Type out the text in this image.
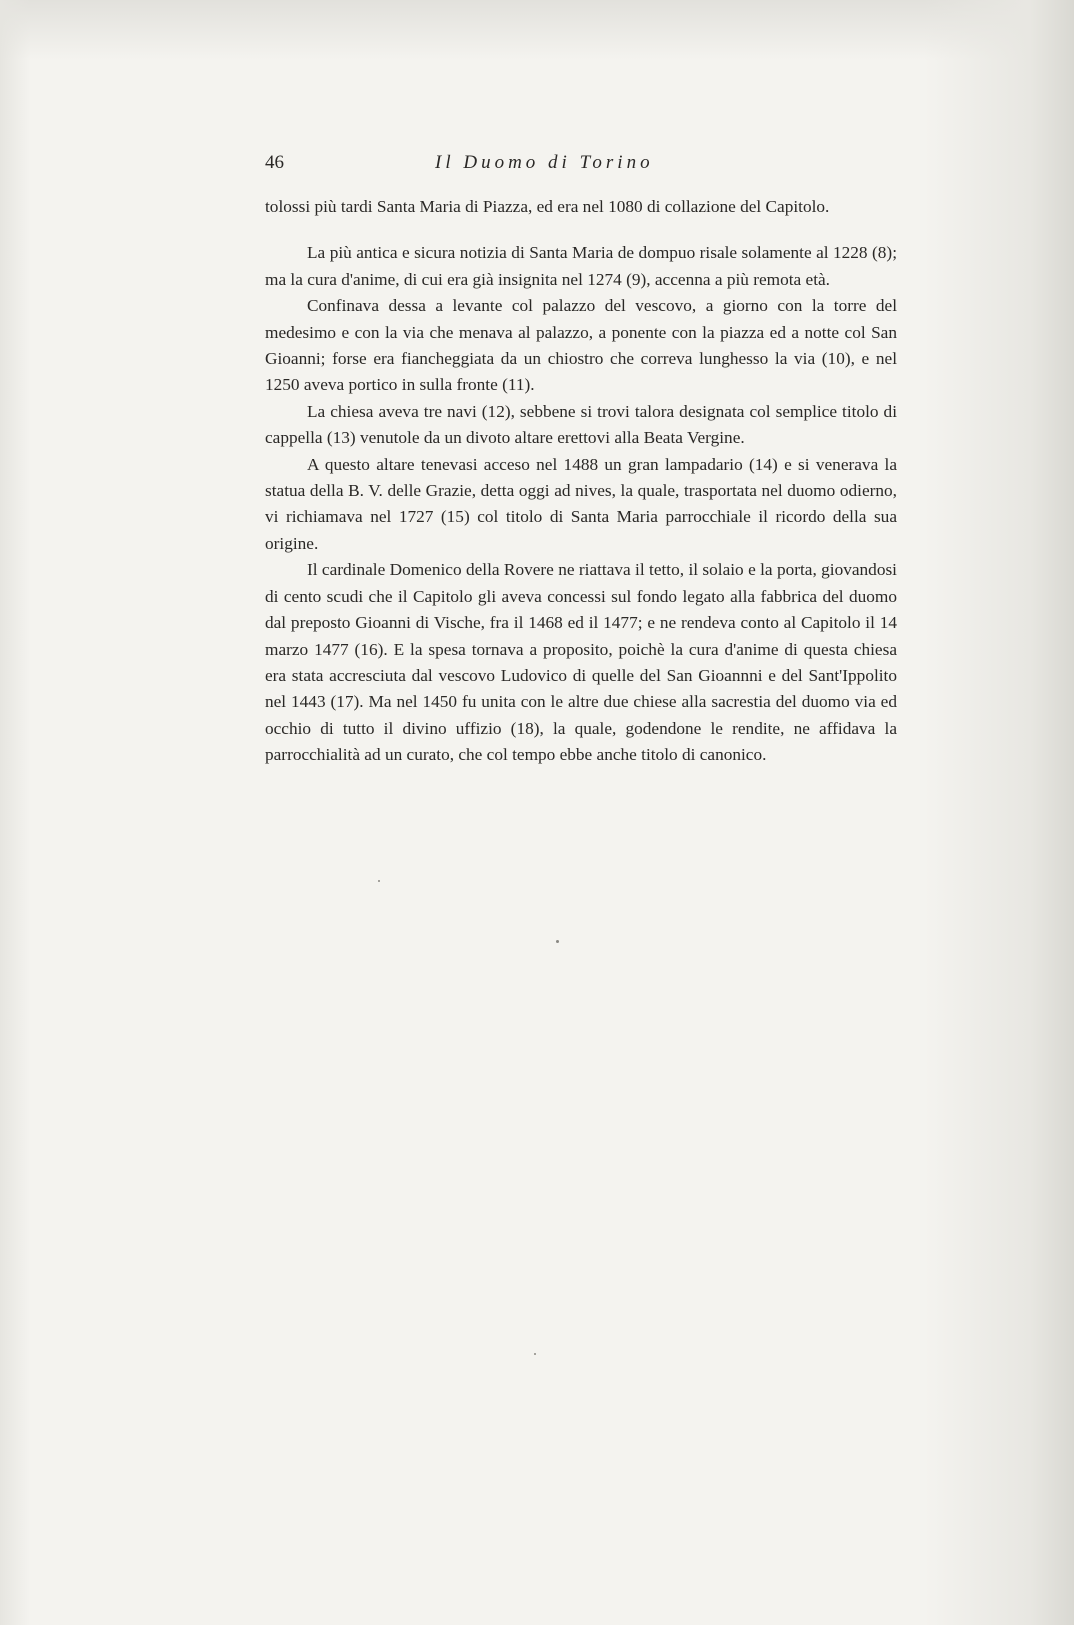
46	Il Duomo di Torino

tolossi più tardi Santa Maria di Piazza, ed era nel 1080 di collazione del Capitolo.

La più antica e sicura notizia di Santa Maria de dompuo risale solamente al 1228 (8); ma la cura d'anime, di cui era già insignita nel 1274 (9), accenna a più remota età.

Confinava dessa a levante col palazzo del vescovo, a giorno con la torre del medesimo e con la via che menava al palazzo, a ponente con la piazza ed a notte col San Gioanni; forse era fiancheggiata da un chiostro che correva lunghesso la via (10), e nel 1250 aveva portico in sulla fronte (11).

La chiesa aveva tre navi (12), sebbene si trovi talora designata col semplice titolo di cappella (13) venutole da un divoto altare erettovi alla Beata Vergine.

A questo altare tenevasi acceso nel 1488 un gran lampadario (14) e si venerava la statua della B. V. delle Grazie, detta oggi ad nives, la quale, trasportata nel duomo odierno, vi richiamava nel 1727 (15) col titolo di Santa Maria parrocchiale il ricordo della sua origine.

Il cardinale Domenico della Rovere ne riattava il tetto, il solaio e la porta, giovandosi di cento scudi che il Capitolo gli aveva concessi sul fondo legato alla fabbrica del duomo dal preposto Gioanni di Vische, fra il 1468 ed il 1477; e ne rendeva conto al Capitolo il 14 marzo 1477 (16). E la spesa tornava a proposito, poichè la cura d'anime di questa chiesa era stata accresciuta dal vescovo Ludovico di quelle del San Gioannni e del Sant'Ippolito nel 1443 (17). Ma nel 1450 fu unita con le altre due chiese alla sacrestia del duomo via ed occhio di tutto il divino uffizio (18), la quale, godendone le rendite, ne affidava la parrocchialità ad un curato, che col tempo ebbe anche titolo di canonico.
